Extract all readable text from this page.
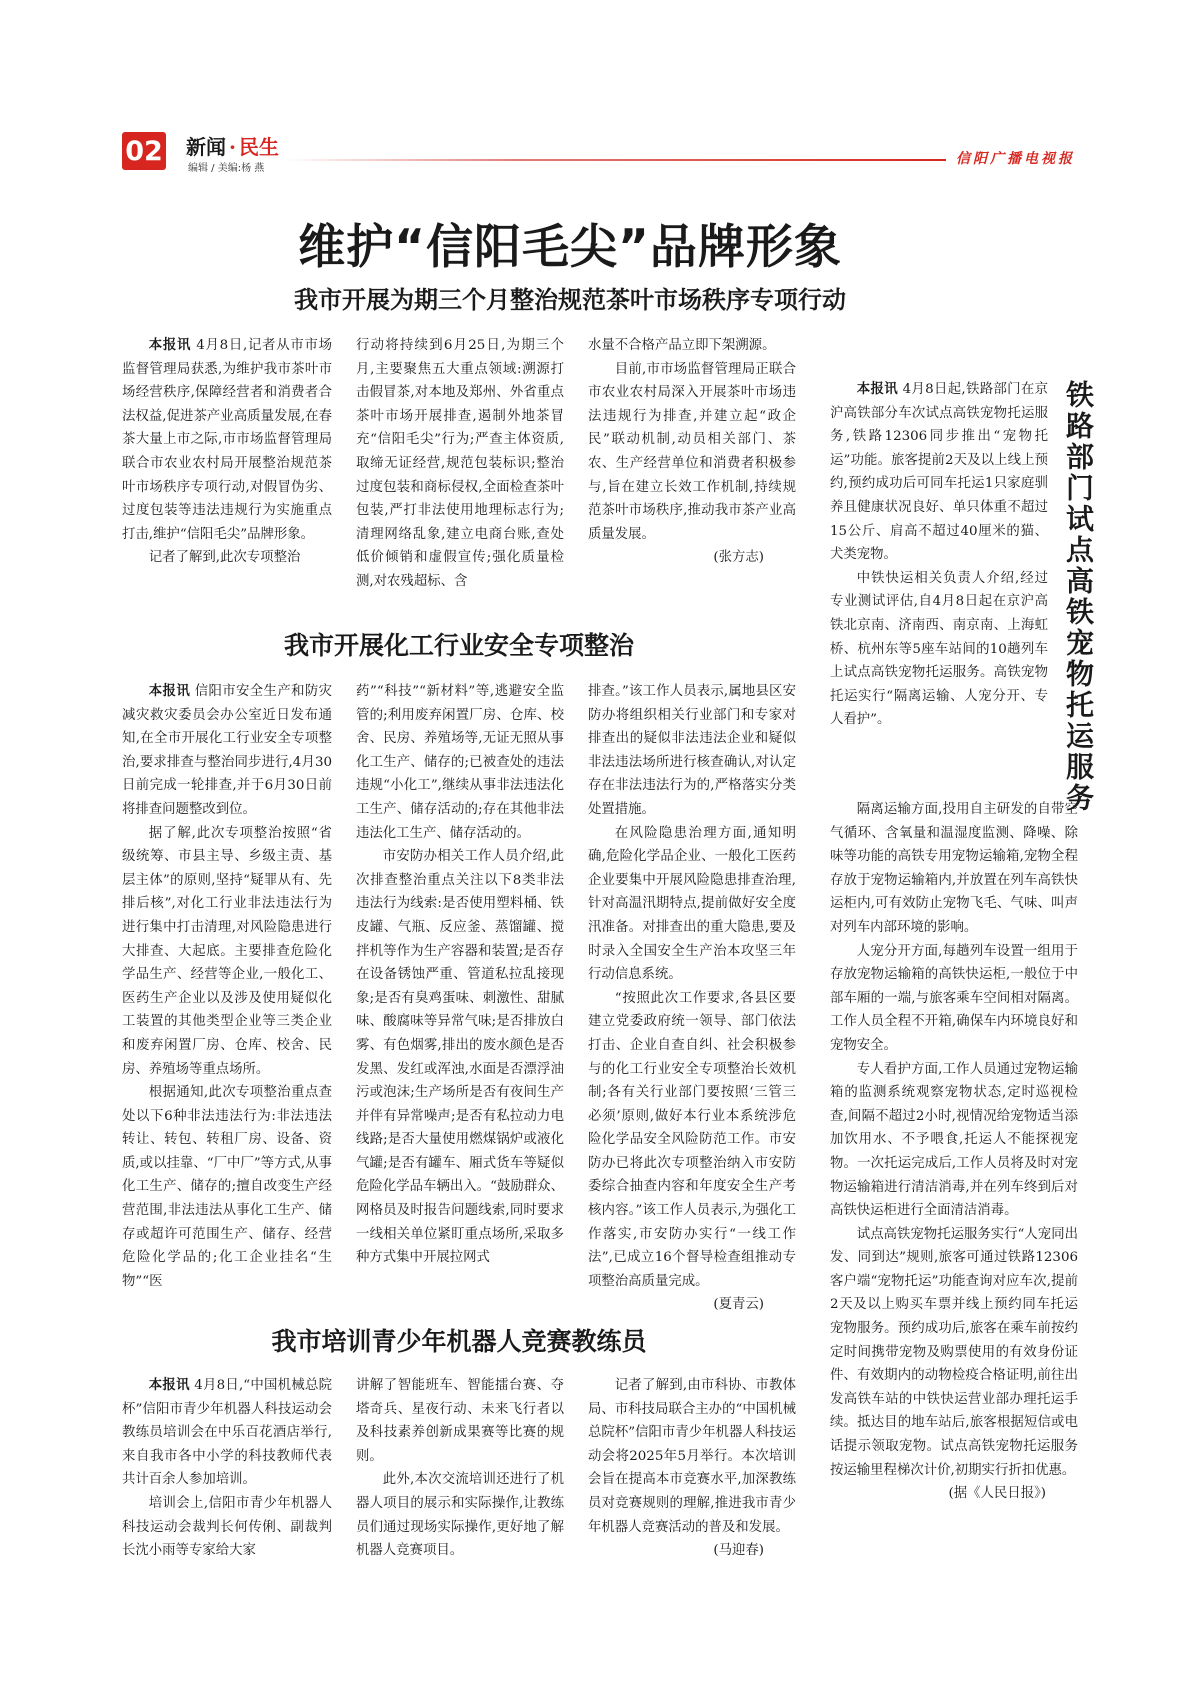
02 新闻 · 民生
编辑 / 美编:杨 燕
信阳广播电视报
维护“信阳毛尖”品牌形象
我市开展为期三个月整治规范茶叶市场秩序专项行动

本报讯 4月8日,记者从市市场监督管理局获悉,为维护我市茶叶市场经营秩序,保障经营者和消费者合法权益,促进茶产业高质量发展,在春茶大量上市之际,市市场监督管理局联合市农业农村局开展整治规范茶叶市场秩序专项行动,对假冒伪劣、过度包装等违法违规行为实施重点打击,维护“信阳毛尖”品牌形象。

记者了解到,此次专项整治

行动将持续到6月25日,为期三个月,主要聚焦五大重点领域:溯源打击假冒茶,对本地及郑州、外省重点茶叶市场开展排查,遏制外地茶冒充“信阳毛尖”行为;严查主体资质,取缔无证经营,规范包装标识;整治过度包装和商标侵权,全面检查茶叶包装,严打非法使用地理标志行为;清理网络乱象,建立电商台账,查处低价倾销和虚假宣传;强化质量检测,对农残超标、含

水量不合格产品立即下架溯源。

目前,市市场监督管理局正联合市农业农村局深入开展茶叶市场违法违规行为排查,并建立起“政企民”联动机制,动员相关部门、茶农、生产经营单位和消费者积极参与,旨在建立长效工作机制,持续规范茶叶市场秩序,推动我市茶产业高质量发展。

(张方志)
我市开展化工行业安全专项整治

本报讯 信阳市安全生产和防灾减灾救灾委员会办公室近日发布通知,在全市开展化工行业安全专项整治,要求排查与整治同步进行,4月30日前完成一轮排查,并于6月30日前将排查问题整改到位。

据了解,此次专项整治按照“省级统筹、市县主导、乡级主责、基层主体”的原则,坚持“疑罪从有、先排后核”,对化工行业非法违法行为进行集中打击清理,对风险隐患进行大排查、大起底。主要排查危险化学品生产、经营等企业,一般化工、医药生产企业以及涉及使用疑似化工装置的其他类型企业等三类企业和废弃闲置厂房、仓库、校舍、民房、养殖场等重点场所。

根据通知,此次专项整治重点查处以下6种非法违法行为:非法违法转让、转包、转租厂房、设备、资质,或以挂靠、“厂中厂”等方式,从事化工生产、储存的;擅自改变生产经营范围,非法违法从事化工生产、储存或超许可范围生产、储存、经营危险化学品的;化工企业挂名“生物”“医

药”“科技”“新材料”等,逃避安全监管的;利用废弃闲置厂房、仓库、校舍、民房、养殖场等,无证无照从事化工生产、储存的;已被查处的违法违规“小化工”,继续从事非法违法化工生产、储存活动的;存在其他非法违法化工生产、储存活动的。

市安防办相关工作人员介绍,此次排查整治重点关注以下8类非法违法行为线索:是否使用塑料桶、铁皮罐、气瓶、反应釜、蒸馏罐、搅拌机等作为生产容器和装置;是否存在设备锈蚀严重、管道私拉乱接现象;是否有臭鸡蛋味、刺激性、甜腻味、酸腐味等异常气味;是否排放白雾、有色烟雾,排出的废水颜色是否发黑、发红或浑浊,水面是否漂浮油污或泡沫;生产场所是否有夜间生产并伴有异常噪声;是否有私拉动力电线路;是否大量使用燃煤锅炉或液化气罐;是否有罐车、厢式货车等疑似危险化学品车辆出入。“鼓励群众、网格员及时报告问题线索,同时要求一线相关单位紧盯重点场所,采取多种方式集中开展拉网式

排查。”该工作人员表示,属地县区安防办将组织相关行业部门和专家对排查出的疑似非法违法企业和疑似非法违法场所进行核查确认,对认定存在非法违法行为的,严格落实分类处置措施。

在风险隐患治理方面,通知明确,危险化学品企业、一般化工医药企业要集中开展风险隐患排查治理,针对高温汛期特点,提前做好安全度汛准备。对排查出的重大隐患,要及时录入全国安全生产治本攻坚三年行动信息系统。

“按照此次工作要求,各县区要建立党委政府统一领导、部门依法打击、企业自查自纠、社会积极参与的化工行业安全专项整治长效机制;各有关行业部门要按照‘三管三必须’原则,做好本行业本系统涉危险化学品安全风险防范工作。市安防办已将此次专项整治纳入市安防委综合抽查内容和年度安全生产考核内容。”该工作人员表示,为强化工作落实,市安防办实行“一线工作法”,已成立16个督导检查组推动专项整治高质量完成。

(夏青云)
我市培训青少年机器人竞赛教练员

本报讯 4月8日,“中国机械总院杯”信阳市青少年机器人科技运动会教练员培训会在中乐百花酒店举行,来自我市各中小学的科技教师代表共计百余人参加培训。

培训会上,信阳市青少年机器人科技运动会裁判长何传俐、副裁判长沈小雨等专家给大家

讲解了智能班车、智能擂台赛、夺塔奇兵、星夜行动、未来飞行者以及科技素养创新成果赛等比赛的规则。

此外,本次交流培训还进行了机器人项目的展示和实际操作,让教练员们通过现场实际操作,更好地了解机器人竞赛项目。

记者了解到,由市科协、市教体局、市科技局联合主办的“中国机械总院杯”信阳市青少年机器人科技运动会将2025年5月举行。本次培训会旨在提高本市竞赛水平,加深教练员对竞赛规则的理解,推进我市青少年机器人竞赛活动的普及和发展。

(马迎春)
铁路部门试点高铁宠物托运服务

本报讯 4月8日起,铁路部门在京沪高铁部分车次试点高铁宠物托运服务,铁路12306同步推出“宠物托运”功能。旅客提前2天及以上线上预约,预约成功后可同车托运1只家庭驯养且健康状况良好、单只体重不超过15公斤、肩高不超过40厘米的猫、犬类宠物。

中铁快运相关负责人介绍,经过专业测试评估,自4月8日起在京沪高铁北京南、济南西、南京南、上海虹桥、杭州东等5座车站间的10趟列车上试点高铁宠物托运服务。高铁宠物托运实行“隔离运输、人宠分开、专人看护”。

隔离运输方面,投用自主研发的自带空气循环、含氧量和温湿度监测、降噪、除味等功能的高铁专用宠物运输箱,宠物全程存放于宠物运输箱内,并放置在列车高铁快运柜内,可有效防止宠物飞毛、气味、叫声对列车内部环境的影响。

人宠分开方面,每趟列车设置一组用于存放宠物运输箱的高铁快运柜,一般位于中部车厢的一端,与旅客乘车空间相对隔离。工作人员全程不开箱,确保车内环境良好和宠物安全。

专人看护方面,工作人员通过宠物运输箱的监测系统观察宠物状态,定时巡视检查,间隔不超过2小时,视情况给宠物适当添加饮用水、不予喂食,托运人不能探视宠物。一次托运完成后,工作人员将及时对宠物运输箱进行清洁消毒,并在列车终到后对高铁快运柜进行全面清洁消毒。

试点高铁宠物托运服务实行“人宠同出发、同到达”规则,旅客可通过铁路12306客户端“宠物托运”功能查询对应车次,提前2天及以上购买车票并线上预约同车托运宠物服务。预约成功后,旅客在乘车前按约定时间携带宠物及购票使用的有效身份证件、有效期内的动物检疫合格证明,前往出发高铁车站的中铁快运营业部办理托运手续。抵达目的地车站后,旅客根据短信或电话提示领取宠物。试点高铁宠物托运服务按运输里程梯次计价,初期实行折扣优惠。

(据《人民日报》)
